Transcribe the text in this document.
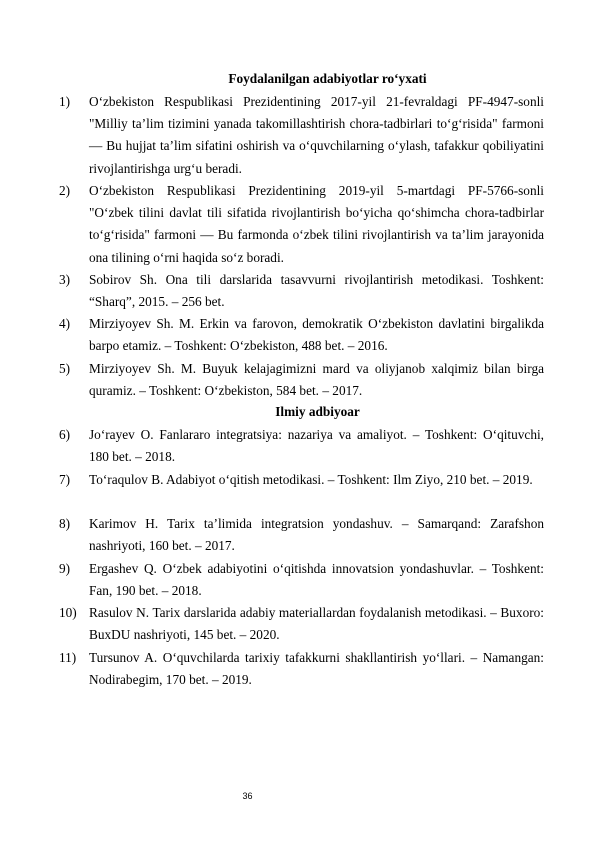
Foydalanilgan adabiyotlar ro‘yxati
1)	O‘zbekiston Respublikasi Prezidentining 2017-yil 21-fevraldagi PF-4947-sonli "Milliy ta’lim tizimini yanada takomillashtirish chora-tadbirlari to‘g‘risida" farmoni — Bu hujjat ta’lim sifatini oshirish va o‘quvchilarning o‘ylash, tafakkur qobiliyatini rivojlantirishga urg‘u beradi.
2)	O‘zbekiston Respublikasi Prezidentining 2019-yil 5-martdagi PF-5766-sonli "O‘zbek tilini davlat tili sifatida rivojlantirish bo‘yicha qo‘shimcha chora-tadbirlar to‘g‘risida" farmoni — Bu farmonda o‘zbek tilini rivojlantirish va ta’lim jarayonida ona tilining o‘rni haqida so‘z boradi.
3)	Sobirov Sh. Ona tili darslarida tasavvurni rivojlantirish metodikasi. Toshkent: “Sharq”, 2015. – 256 bet.
4)	Mirziyoyev Sh. M. Erkin va farovon, demokratik O‘zbekiston davlatini birgalikda barpo etamiz. – Toshkent: O‘zbekiston, 488 bet. – 2016.
5)	Mirziyoyev Sh. M. Buyuk kelajagimizni mard va oliyjanob xalqimiz bilan birga quramiz. – Toshkent: O‘zbekiston, 584 bet. – 2017.
Ilmiy adbiyoar
6)	Jo‘rayev O. Fanlararo integratsiya: nazariya va amaliyot. – Toshkent: O‘qituvchi, 180 bet. – 2018.
7)	To‘raqulov B. Adabiyot o‘qitish metodikasi. – Toshkent: Ilm Ziyo, 210 bet. – 2019.
8)	Karimov H. Tarix ta’limida integratsion yondashuv. – Samarqand: Zarafshon nashriyoti, 160 bet. – 2017.
9)	Ergashev Q. O‘zbek adabiyotini o‘qitishda innovatsion yondashuvlar. – Toshkent: Fan, 190 bet. – 2018.
10) Rasulov N. Tarix darslarida adabiy materiallardan foydalanish metodikasi. – Buxoro: BuxDU nashriyoti, 145 bet. – 2020.
11) Tursunov A. O‘quvchilarda tarixiy tafakkurni shakllantirish yo‘llari. – Namangan: Nodirabegim, 170 bet. – 2019.
36
